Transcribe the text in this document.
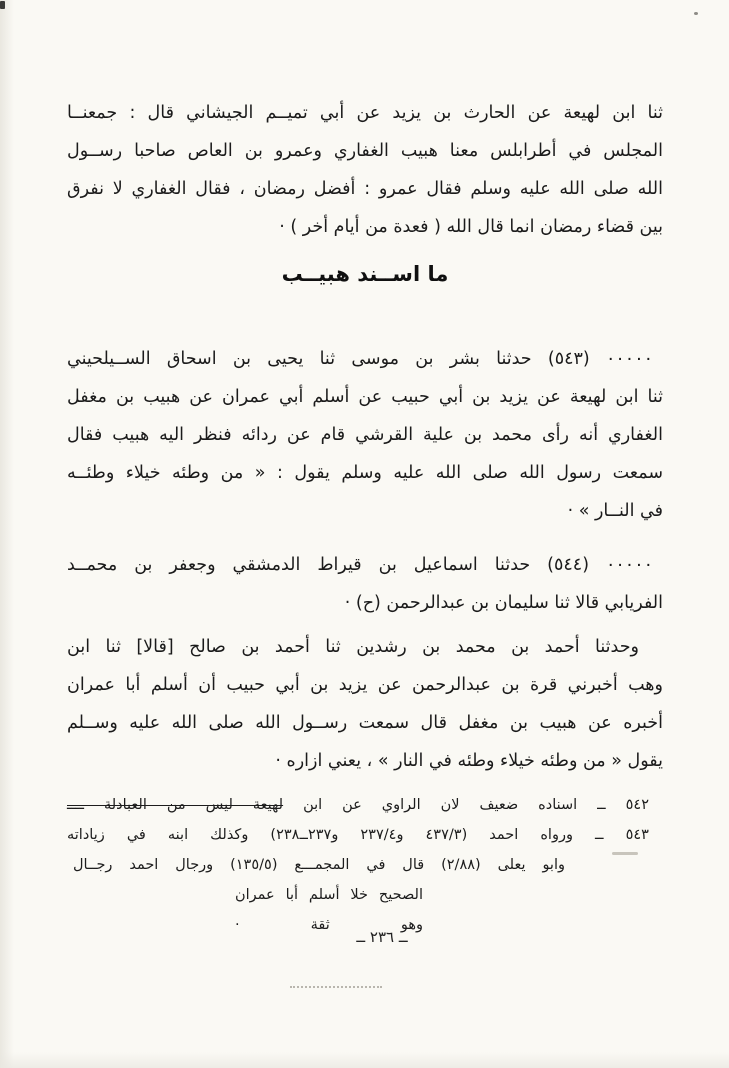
ثنا ابن لهيعة عن الحارث بن يزيد عن أبي تميــم الجيشاني قال : جمعنــا
المجلس في أطرابلس معنا هبيب الغفاري وعمرو بن العاص صاحبا رســول
الله صلى الله عليه وسلم فقال عمرو : أفضل رمضان ، فقال الغفاري لا نفرق
بين قضاء رمضان انما قال الله ( فعدة من أيام أخر ) ·
ما اســند هبيــب
٠٠٠٠٠ (٥٤٣) حدثنا بشر بن موسى ثنا يحيى بن اسحاق الســيلحيني
ثنا ابن لهيعة عن يزيد بن أبي حبيب عن أسلم أبي عمران عن هبيب بن مغفل
الغفاري أنه رأى محمد بن علية القرشي قام عن ردائه فنظر اليه هبيب فقال
سمعت رسول الله صلى الله عليه وسلم يقول : « من وطئه خيلاء وطئــه
في النــار » ·
٠٠٠٠٠ (٥٤٤) حدثنا اسماعيل بن قيراط الدمشقي وجعفر بن محمــد
الفريابي قالا ثنا سليمان بن عبدالرحمن (ح) ·
وحدثنا أحمد بن محمد بن رشدين ثنا أحمد بن صالح [قالا] ثنا ابن
وهب أخبرني قرة بن عبدالرحمن عن يزيد بن أبي حبيب أن أسلم أبا عمران
أخبره عن هبيب بن مغفل قال سمعت رســول الله صلى الله عليه وســلم
يقول « من وطئه خيلاء وطئه في النار » ، يعني ازاره ·
٥٤٢ ــ اسناده ضعيف لان الراوي عن ابن لهيعة ليس من العبادلة ــــ
٥٤٣ ــ ورواه احمد (٤٣٧/٣ و٢٣٧/٤ و٢٣٧ــ٢٣٨) وكذلك ابنه في زياداته
وابو يعلى (٢/٨٨) قال في المجمـــع (١٣٥/٥) ورجال احمد رجــال
الصحيح خلا أسلم أبا عمران وهو ثقة ·
ــ ٢٣٦ ــ
